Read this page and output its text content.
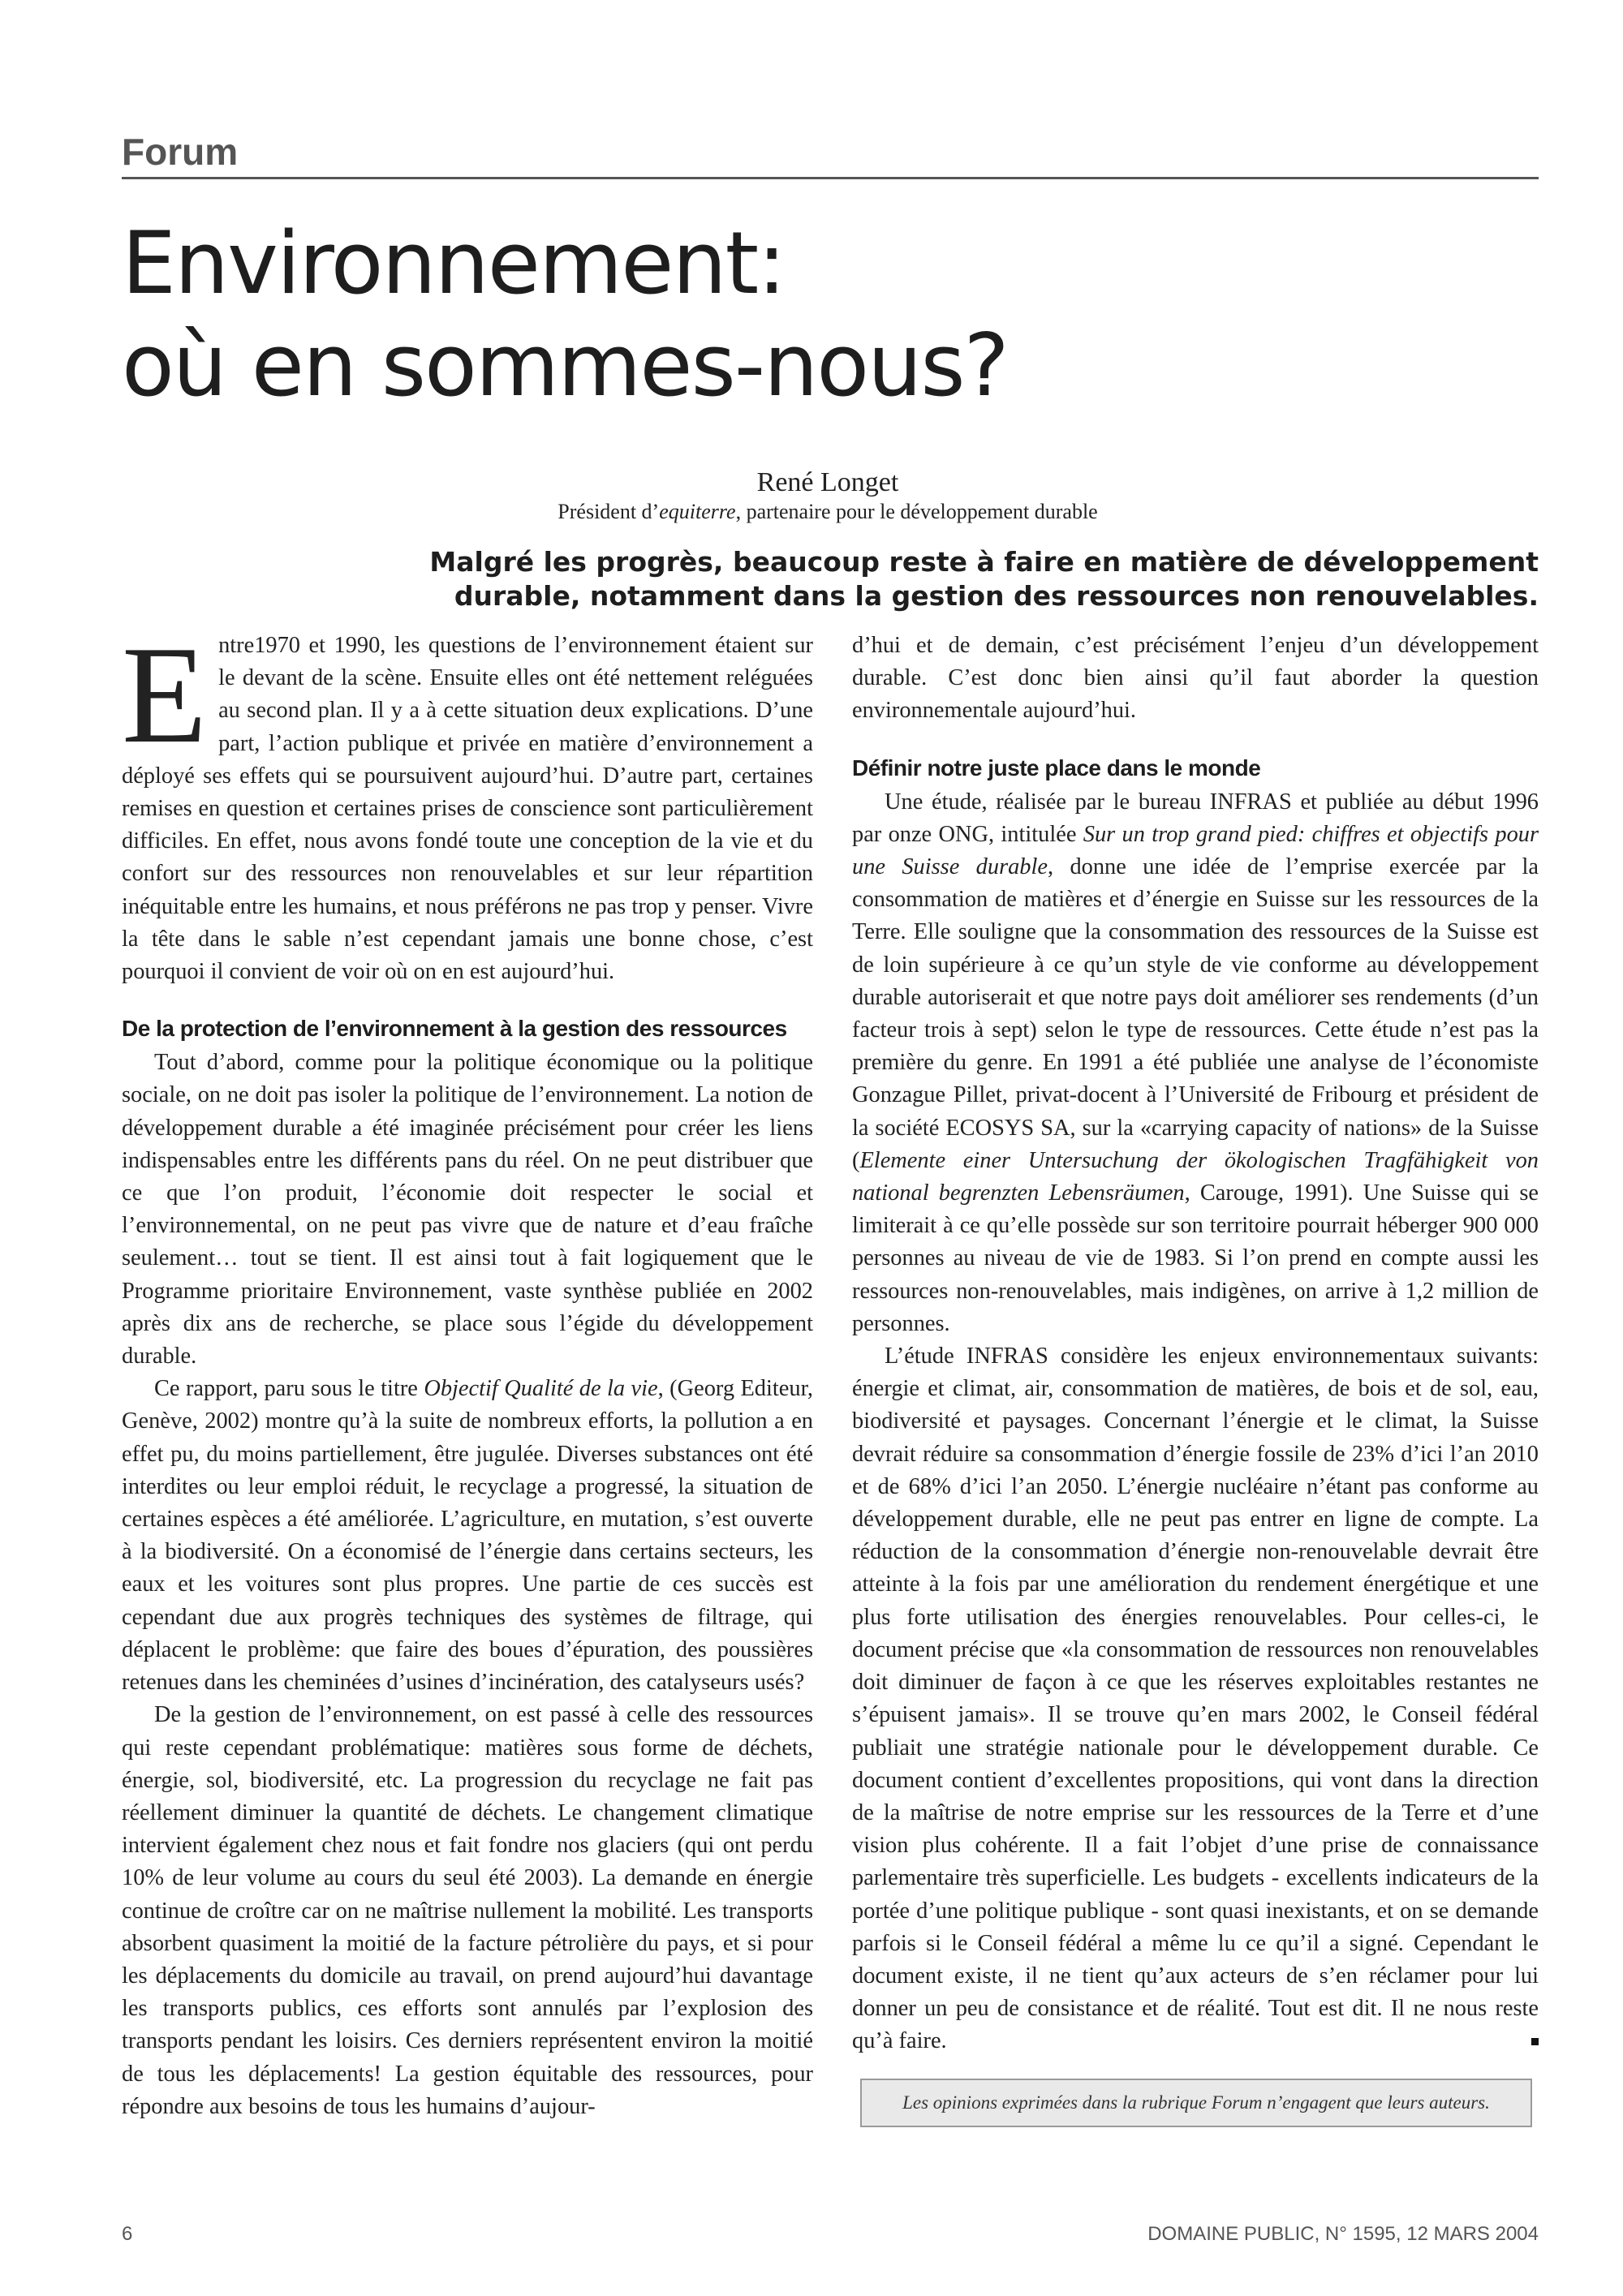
Forum
Environnement:
où en sommes-nous?
René Longet
Président d’equiterre, partenaire pour le développement durable
Malgré les progrès, beaucoup reste à faire en matière de développement
durable, notamment dans la gestion des ressources non renouvelables.

Entre1970 et 1990, les questions de l’environnement étaient sur le devant de la scène. Ensuite elles ont été nettement reléguées au second plan. Il y a à cette situation deux explications. D’une part, l’action publique et privée en matière d’environnement a déployé ses effets qui se poursuivent aujourd’hui. D’autre part, certaines remises en question et certaines prises de conscience sont particulièrement difficiles. En effet, nous avons fondé toute une conception de la vie et du confort sur des ressources non renouvelables et sur leur répartition inéquitable entre les humains, et nous préférons ne pas trop y penser. Vivre la tête dans le sable n’est cependant jamais une bonne chose, c’est pourquoi il convient de voir où on en est aujourd’hui.

De la protection de l’environnement à la gestion des ressources

Tout d’abord, comme pour la politique économique ou la politique sociale, on ne doit pas isoler la politique de l’environnement. La notion de développement durable a été imaginée précisément pour créer les liens indispensables entre les différents pans du réel. On ne peut distribuer que ce que l’on produit, l’économie doit respecter le social et l’environnemental, on ne peut pas vivre que de nature et d’eau fraîche seulement… tout se tient. Il est ainsi tout à fait logiquement que le Programme prioritaire Environnement, vaste synthèse publiée en 2002 après dix ans de recherche, se place sous l’égide du développement durable.

Ce rapport, paru sous le titre Objectif Qualité de la vie, (Georg Editeur, Genève, 2002) montre qu’à la suite de nombreux efforts, la pollution a en effet pu, du moins partiellement, être jugulée. Diverses substances ont été interdites ou leur emploi réduit, le recyclage a progressé, la situation de certaines espèces a été améliorée. L’agriculture, en mutation, s’est ouverte à la biodiversité. On a économisé de l’énergie dans certains secteurs, les eaux et les voitures sont plus propres. Une partie de ces succès est cependant due aux progrès techniques des systèmes de filtrage, qui déplacent le problème: que faire des boues d’épuration, des poussières retenues dans les cheminées d’usines d’incinération, des catalyseurs usés?

De la gestion de l’environnement, on est passé à celle des ressources qui reste cependant problématique: matières sous forme de déchets, énergie, sol, biodiversité, etc. La progression du recyclage ne fait pas réellement diminuer la quantité de déchets. Le changement climatique intervient également chez nous et fait fondre nos glaciers (qui ont perdu 10% de leur volume au cours du seul été 2003). La demande en énergie continue de croître car on ne maîtrise nullement la mobilité. Les transports absorbent quasiment la moitié de la facture pétrolière du pays, et si pour les déplacements du domicile au travail, on prend aujourd’hui davantage les transports publics, ces efforts sont annulés par l’explosion des transports pendant les loisirs. Ces derniers représentent environ la moitié de tous les déplacements! La gestion équitable des ressources, pour répondre aux besoins de tous les humains d’aujour-

d’hui et de demain, c’est précisément l’enjeu d’un développement durable. C’est donc bien ainsi qu’il faut aborder la question environnementale aujourd’hui.

Définir notre juste place dans le monde

Une étude, réalisée par le bureau INFRAS et publiée au début 1996 par onze ONG, intitulée Sur un trop grand pied: chiffres et objectifs pour une Suisse durable, donne une idée de l’emprise exercée par la consommation de matières et d’énergie en Suisse sur les ressources de la Terre. Elle souligne que la consommation des ressources de la Suisse est de loin supérieure à ce qu’un style de vie conforme au développement durable autoriserait et que notre pays doit améliorer ses rendements (d’un facteur trois à sept) selon le type de ressources. Cette étude n’est pas la première du genre. En 1991 a été publiée une analyse de l’économiste Gonzague Pillet, privat-docent à l’Université de Fribourg et président de la société ECOSYS SA, sur la «carrying capacity of nations» de la Suisse (Elemente einer Untersuchung der ökologischen Tragfähigkeit von national begrenzten Lebensräumen, Carouge, 1991). Une Suisse qui se limiterait à ce qu’elle possède sur son territoire pourrait héberger 900 000 personnes au niveau de vie de 1983. Si l’on prend en compte aussi les ressources non-renouvelables, mais indigènes, on arrive à 1,2 million de personnes.

L’étude INFRAS considère les enjeux environnementaux suivants: énergie et climat, air, consommation de matières, de bois et de sol, eau, biodiversité et paysages. Concernant l’énergie et le climat, la Suisse devrait réduire sa consommation d’énergie fossile de 23% d’ici l’an 2010 et de 68% d’ici l’an 2050. L’énergie nucléaire n’étant pas conforme au développement durable, elle ne peut pas entrer en ligne de compte. La réduction de la consommation d’énergie non-renouvelable devrait être atteinte à la fois par une amélioration du rendement énergétique et une plus forte utilisation des énergies renouvelables. Pour celles-ci, le document précise que «la consommation de ressources non renouvelables doit diminuer de façon à ce que les réserves exploitables restantes ne s’épuisent jamais». Il se trouve qu’en mars 2002, le Conseil fédéral publiait une stratégie nationale pour le développement durable. Ce document contient d’excellentes propositions, qui vont dans la direction de la maîtrise de notre emprise sur les ressources de la Terre et d’une vision plus cohérente. Il a fait l’objet d’une prise de connaissance parlementaire très superficielle. Les budgets - excellents indicateurs de la portée d’une politique publique - sont quasi inexistants, et on se demande parfois si le Conseil fédéral a même lu ce qu’il a signé. Cependant le document existe, il ne tient qu’aux acteurs de s’en réclamer pour lui donner un peu de consistance et de réalité. Tout est dit. Il ne nous reste qu’à faire.

Les opinions exprimées dans la rubrique Forum n’engagent que leurs auteurs.
6	DOMAINE PUBLIC, N° 1595, 12 MARS 2004
